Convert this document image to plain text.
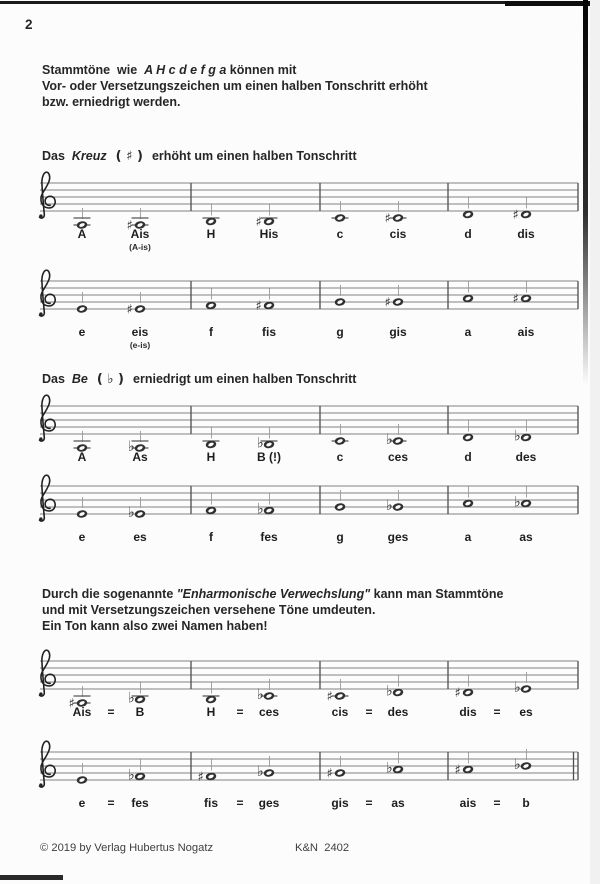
2
Stammtöne  wie  A H c d e f g a können mit
Vor- oder Versetzungszeichen um einen halben Tonschritt erhöht
bzw. erniedrigt werden.
Das  Kreuz  ( ♯ )  erhöht um einen halben Tonschritt
Das  Be  ( ♭ )  erniedrigt um einen halben Tonschritt
Durch die sogenannte "Enharmonische Verwechslung" kann man Stammtöne
und mit Versetzungszeichen versehene Töne umdeuten.
Ein Ton kann also zwei Namen haben!
♯	♯	♯	♯
A	Ais
(A-is)
H	His	c	cis	d	dis
♯	♯	♯	♯
e	eis
(e-is)
f	fis	g	gis	a	ais
♭	♭	♭	♭
A	As	H	B (!)	c	ces	d	des
♭	♭	♭	♭
e	es	f	fes	g	ges	a	as
♯	♭	♭	♯	♭	♯	♭
Ais	B	H	ces	cis	des	dis	es
=	=	=	=
♭	♯	♭	♯	♭	♯	♭
e	fes	fis	ges	gis	as	ais	b
=	=	=	=
© 2019 by Verlag Hubertus Nogatz	K&N  2402
